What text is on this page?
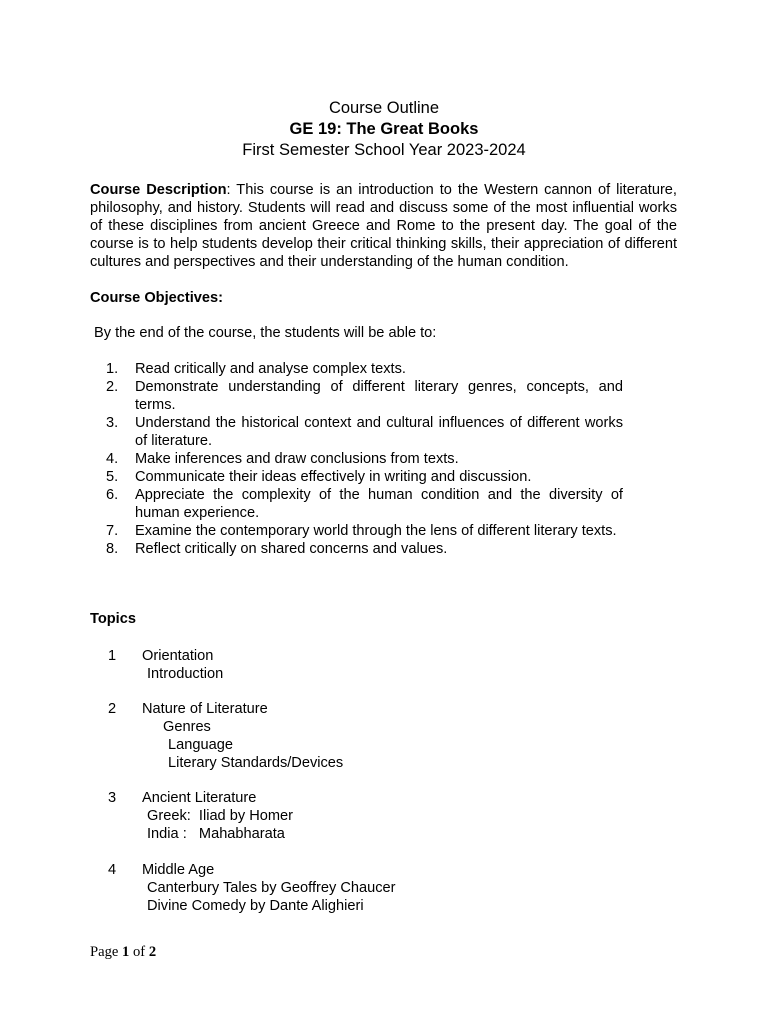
Course Outline
GE 19: The Great Books
First Semester School Year 2023-2024
Course Description: This course is an introduction to the Western cannon of literature, philosophy, and history. Students will read and discuss some of the most influential works of these disciplines from ancient Greece and Rome to the present day. The goal of the course is to help students develop their critical thinking skills, their appreciation of different cultures and perspectives and their understanding of the human condition.
Course Objectives:
By the end of the course, the students will be able to:
1. Read critically and analyse complex texts.
2. Demonstrate understanding of different literary genres, concepts, and terms.
3. Understand the historical context and cultural influences of different works of literature.
4. Make inferences and draw conclusions from texts.
5. Communicate their ideas effectively in writing and discussion.
6. Appreciate the complexity of the human condition and the diversity of human experience.
7. Examine the contemporary world through the lens of different literary texts.
8. Reflect critically on shared concerns and values.
Topics
1 Orientation
Introduction
2 Nature of Literature
Genres
Language
Literary Standards/Devices
3 Ancient Literature
Greek:  Iliad by Homer
India :   Mahabharata
4 Middle Age
Canterbury Tales by Geoffrey Chaucer
Divine Comedy by Dante Alighieri
Page 1 of 2
